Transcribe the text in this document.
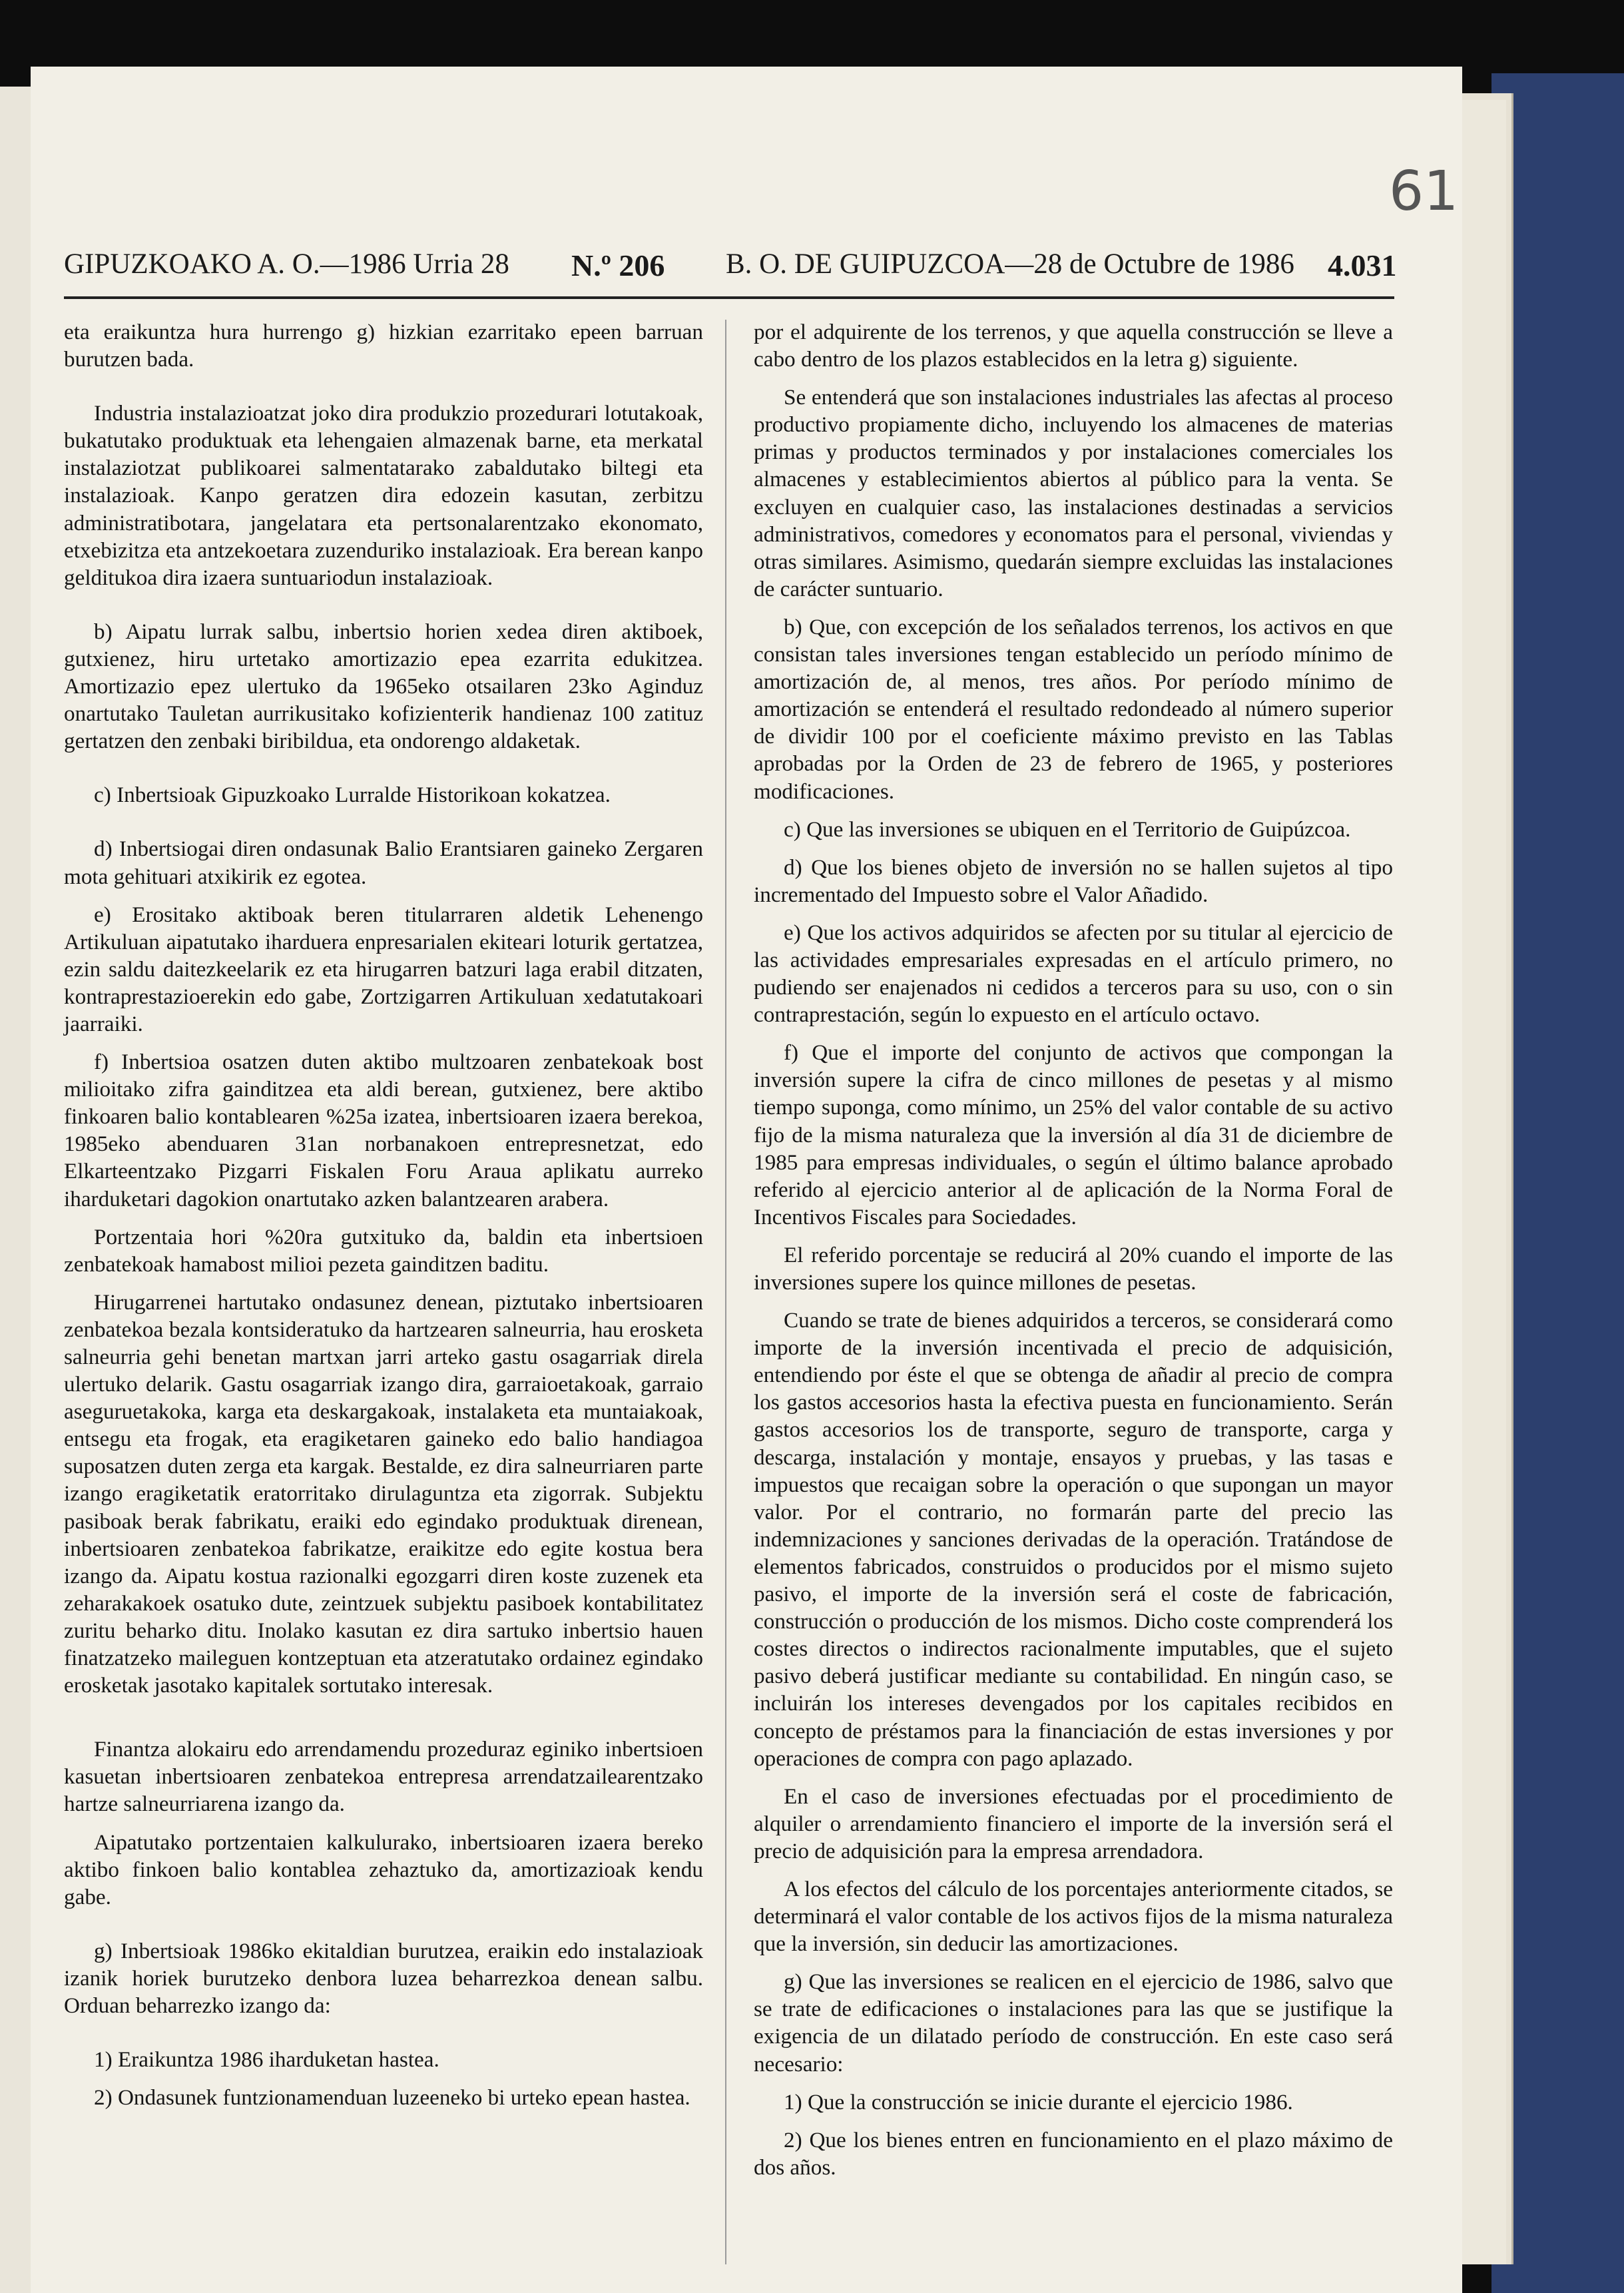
61
GIPUZKOAKO A. O.—1986 Urria 28 N.º 206 B. O. DE GUIPUZCOA—28 de Octubre de 1986 4.031

eta eraikuntza hura hurrengo g) hizkian ezarritako epeen barruan burutzen bada.

Industria instalazioatzat joko dira produkzio prozedurari lotutakoak, bukatutako produktuak eta lehengaien almazenak barne, eta merkatal instalaziotzat publikoarei salmentatarako zabaldutako biltegi eta instalazioak. Kanpo geratzen dira edozein kasutan, zerbitzu administratibotara, jangelatara eta pertsonalarentzako ekonomato, etxebizitza eta antzekoetara zuzenduriko instalazioak. Era berean kanpo gelditukoa dira izaera suntuariodun instalazioak.

b) Aipatu lurrak salbu, inbertsio horien xedea diren aktiboek, gutxienez, hiru urtetako amortizazio epea ezarrita edukitzea. Amortizazio epez ulertuko da 1965eko otsailaren 23ko Aginduz onartutako Tauletan aurrikusitako kofizienterik handienaz 100 zatituz gertatzen den zenbaki biribildua, eta ondorengo aldaketak.

c) Inbertsioak Gipuzkoako Lurralde Historikoan kokatzea.

d) Inbertsiogai diren ondasunak Balio Erantsiaren gaineko Zergaren mota gehituari atxikirik ez egotea.

e) Erositako aktiboak beren titularraren aldetik Lehenengo Artikuluan aipatutako iharduera enpresarialen ekiteari loturik gertatzea, ezin saldu daitezkeelarik ez eta hirugarren batzuri laga erabil ditzaten, kontraprestazioerekin edo gabe, Zortzigarren Artikuluan xedatutakoari jaarraiki.

f) Inbertsioa osatzen duten aktibo multzoaren zenbatekoak bost milioitako zifra gainditzea eta aldi berean, gutxienez, bere aktibo finkoaren balio kontablearen %25a izatea, inbertsioaren izaera berekoa, 1985eko abenduaren 31an norbanakoen entrepresnetzat, edo Elkarteentzako Pizgarri Fiskalen Foru Araua aplikatu aurreko iharduketari dagokion onartutako azken balantzearen arabera.

Portzentaia hori %20ra gutxituko da, baldin eta inbertsioen zenbatekoak hamabost milioi pezeta gainditzen baditu.

Hirugarrenei hartutako ondasunez denean, piztutako inbertsioaren zenbatekoa bezala kontsideratuko da hartzearen salneurria, hau erosketa salneurria gehi benetan martxan jarri arteko gastu osagarriak direla ulertuko delarik. Gastu osagarriak izango dira, garraioetakoak, garraio aseguruetakoka, karga eta deskargakoak, instalaketa eta muntaiakoak, entsegu eta frogak, eta eragiketaren gaineko edo balio handiagoa suposatzen duten zerga eta kargak. Bestalde, ez dira salneurriaren parte izango eragiketatik eratorritako dirulaguntza eta zigorrak. Subjektu pasiboak berak fabrikatu, eraiki edo egindako produktuak direnean, inbertsioaren zenbatekoa fabrikatze, eraikitze edo egite kostua bera izango da. Aipatu kostua razionalki egozgarri diren koste zuzenek eta zeharakakoek osatuko dute, zeintzuek subjektu pasiboek kontabilitatez zuritu beharko ditu. Inolako kasutan ez dira sartuko inbertsio hauen finatzatzeko maileguen kontzeptuan eta atzeratutako ordainez egindako erosketak jasotako kapitalek sortutako interesak.

Finantza alokairu edo arrendamendu prozeduraz eginiko inbertsioen kasuetan inbertsioaren zenbatekoa entrepresa arrendatzailearentzako hartze salneurriarena izango da.

Aipatutako portzentaien kalkulurako, inbertsioaren izaera bereko aktibo finkoen balio kontablea zehaztuko da, amortizazioak kendu gabe.

g) Inbertsioak 1986ko ekitaldian burutzea, eraikin edo instalazioak izanik horiek burutzeko denbora luzea beharrezkoa denean salbu. Orduan beharrezko izango da:

1) Eraikuntza 1986 iharduketan hastea.

2) Ondasunek funtzionamenduan luzeeneko bi urteko epean hastea.

por el adquirente de los terrenos, y que aquella construcción se lleve a cabo dentro de los plazos establecidos en la letra g) siguiente.

Se entenderá que son instalaciones industriales las afectas al proceso productivo propiamente dicho, incluyendo los almacenes de materias primas y productos terminados y por instalaciones comerciales los almacenes y establecimientos abiertos al público para la venta. Se excluyen en cualquier caso, las instalaciones destinadas a servicios administrativos, comedores y economatos para el personal, viviendas y otras similares. Asimismo, quedarán siempre excluidas las instalaciones de carácter suntuario.

b) Que, con excepción de los señalados terrenos, los activos en que consistan tales inversiones tengan establecido un período mínimo de amortización de, al menos, tres años. Por período mínimo de amortización se entenderá el resultado redondeado al número superior de dividir 100 por el coeficiente máximo previsto en las Tablas aprobadas por la Orden de 23 de febrero de 1965, y posteriores modificaciones.

c) Que las inversiones se ubiquen en el Territorio de Guipúzcoa.

d) Que los bienes objeto de inversión no se hallen sujetos al tipo incrementado del Impuesto sobre el Valor Añadido.

e) Que los activos adquiridos se afecten por su titular al ejercicio de las actividades empresariales expresadas en el artículo primero, no pudiendo ser enajenados ni cedidos a terceros para su uso, con o sin contraprestación, según lo expuesto en el artículo octavo.

f) Que el importe del conjunto de activos que compongan la inversión supere la cifra de cinco millones de pesetas y al mismo tiempo suponga, como mínimo, un 25% del valor contable de su activo fijo de la misma naturaleza que la inversión al día 31 de diciembre de 1985 para empresas individuales, o según el último balance aprobado referido al ejercicio anterior al de aplicación de la Norma Foral de Incentivos Fiscales para Sociedades.

El referido porcentaje se reducirá al 20% cuando el importe de las inversiones supere los quince millones de pesetas.

Cuando se trate de bienes adquiridos a terceros, se considerará como importe de la inversión incentivada el precio de adquisición, entendiendo por éste el que se obtenga de añadir al precio de compra los gastos accesorios hasta la efectiva puesta en funcionamiento. Serán gastos accesorios los de transporte, seguro de transporte, carga y descarga, instalación y montaje, ensayos y pruebas, y las tasas e impuestos que recaigan sobre la operación o que supongan un mayor valor. Por el contrario, no formarán parte del precio las indemnizaciones y sanciones derivadas de la operación. Tratándose de elementos fabricados, construidos o producidos por el mismo sujeto pasivo, el importe de la inversión será el coste de fabricación, construcción o producción de los mismos. Dicho coste comprenderá los costes directos o indirectos racionalmente imputables, que el sujeto pasivo deberá justificar mediante su contabilidad. En ningún caso, se incluirán los intereses devengados por los capitales recibidos en concepto de préstamos para la financiación de estas inversiones y por operaciones de compra con pago aplazado.

En el caso de inversiones efectuadas por el procedimiento de alquiler o arrendamiento financiero el importe de la inversión será el precio de adquisición para la empresa arrendadora.

A los efectos del cálculo de los porcentajes anteriormente citados, se determinará el valor contable de los activos fijos de la misma naturaleza que la inversión, sin deducir las amortizaciones.

g) Que las inversiones se realicen en el ejercicio de 1986, salvo que se trate de edificaciones o instalaciones para las que se justifique la exigencia de un dilatado período de construcción. En este caso será necesario:

1) Que la construcción se inicie durante el ejercicio 1986.

2) Que los bienes entren en funcionamiento en el plazo máximo de dos años.
